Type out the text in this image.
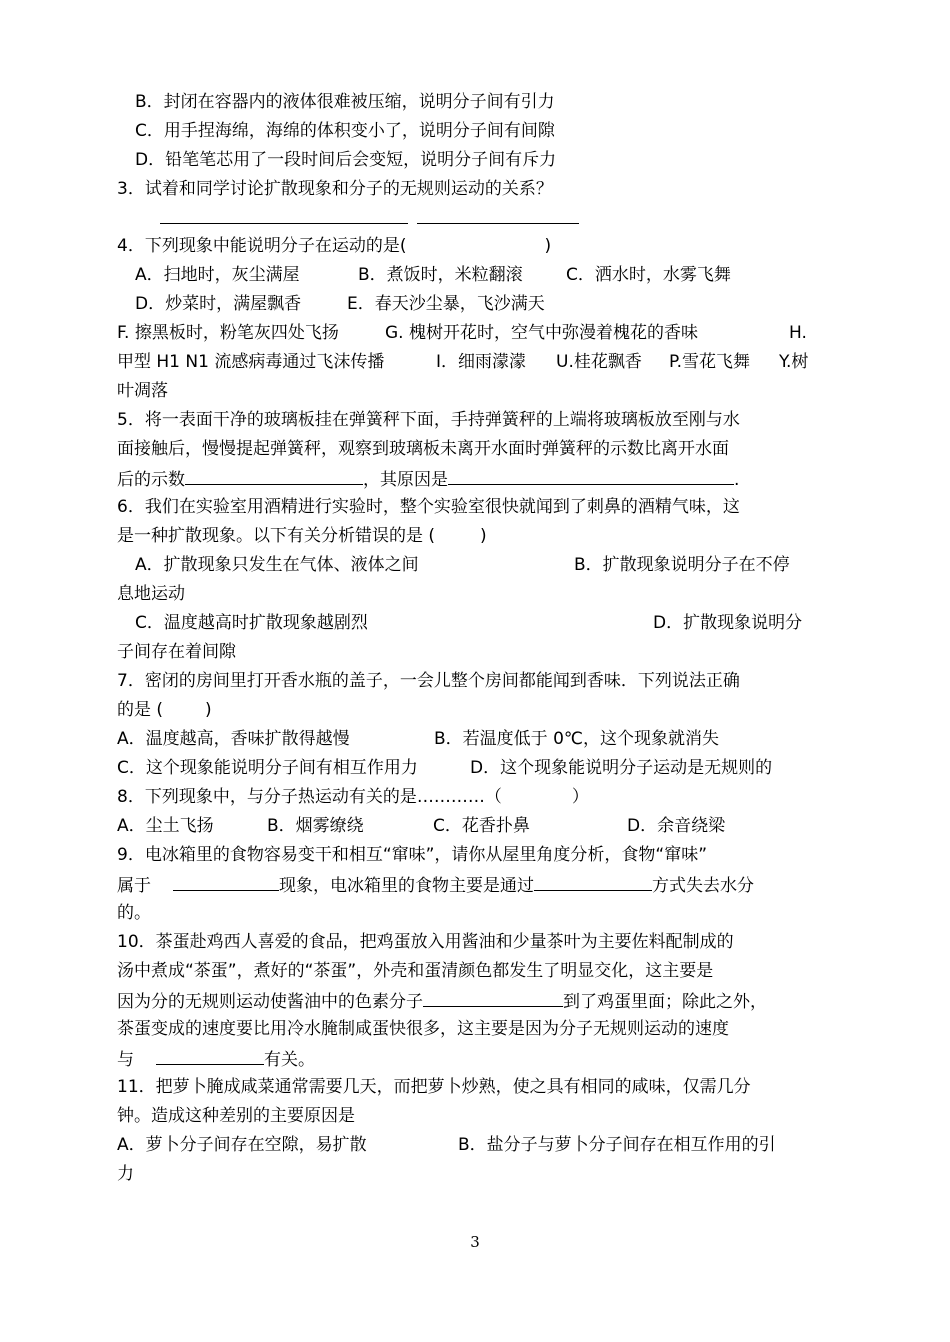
B．封闭在容器内的液体很难被压缩，说明分子间有引力
C．用手捏海绵，海绵的体积变小了，说明分子间有间隙
D．铅笔笔芯用了一段时间后会变短，说明分子间有斥力
3．试着和同学讨论扩散现象和分子的无规则运动的关系？

4．下列现象中能说明分子在运动的是(	)
A．扫地时，灰尘满屋	B．煮饭时，米粒翻滚	C．洒水时，水雾飞舞
D．炒菜时，满屋飘香	E．春天沙尘暴，飞沙满天
F. 擦黑板时，粉笔灰四处飞扬	G. 槐树开花时，空气中弥漫着槐花的香味	H.
甲型 H1 N1 流感病毒通过飞沫传播	I．细雨濛濛 U.桂花飘香 P.雪花飞舞 Y.树
叶凋落
5．将一表面干净的玻璃板挂在弹簧秤下面，手持弹簧秤的上端将玻璃板放至刚与水
面接触后，慢慢提起弹簧秤，观察到玻璃板未离开水面时弹簧秤的示数比离开水面
后的示数	，其原因是	.
6．我们在实验室用酒精进行实验时，整个实验室很快就闻到了刺鼻的酒精气味，这
是一种扩散现象。以下有关分析错误的是 (	)
A．扩散现象只发生在气体、液体之间	B．扩散现象说明分子在不停
息地运动
C．温度越高时扩散现象越剧烈	D．扩散现象说明分
子间存在着间隙
7．密闭的房间里打开香水瓶的盖子，一会儿整个房间都能闻到香味．下列说法正确
的是 ( )
A．温度越高，香味扩散得越慢	B．若温度低于 0℃，这个现象就消失
C．这个现象能说明分子间有相互作用力	D．这个现象能说明分子运动是无规则的
8．下列现象中，与分子热运动有关的是…………（	）
A．尘土飞扬	B．烟雾缭绕	C．花香扑鼻	D．余音绕梁
9．电冰箱里的食物容易变干和相互“窜味”，请你从屋里角度分析，食物“窜味”
属于	现象，电冰箱里的食物主要是通过	方式失去水分
的。
10．茶蛋赴鸡西人喜爱的食品，把鸡蛋放入用酱油和少量茶叶为主要佐料配制成的
汤中煮成“茶蛋”，煮好的“茶蛋”，外壳和蛋清颜色都发生了明显交化，这主要是
因为分的无规则运动使酱油中的色素分子	到了鸡蛋里面；除此之外，
茶蛋变成的速度要比用冷水腌制咸蛋快很多，这主要是因为分子无规则运动的速度
与	有关。
11．把萝卜腌成咸菜通常需要几天，而把萝卜炒熟，使之具有相同的咸味，仅需几分
钟。造成这种差别的主要原因是
A．萝卜分子间存在空隙，易扩散	B．盐分子与萝卜分子间存在相互作用的引
力
3
